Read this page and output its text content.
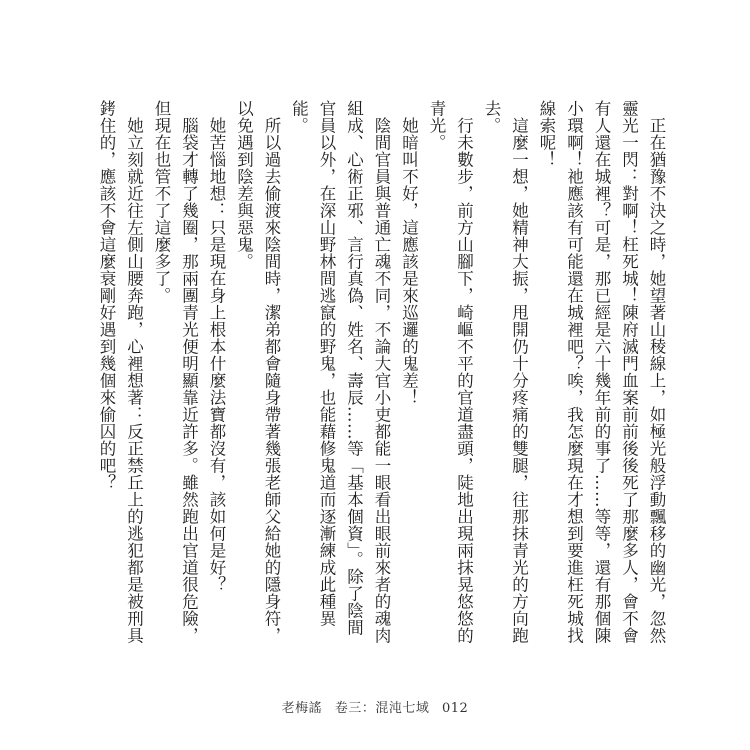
正在猶豫不決之時，她望著山稜線上，如極光般浮動飄移的幽光，忽然靈光一閃：對啊！枉死城！陳府滅門血案前前後後死了那麼多人，會不會有人還在城裡？可是，那已經是六十幾年前的事了……等等，還有那個陳小環啊！祂應該有可能還在城裡吧？唉，我怎麼現在才想到要進枉死城找線索呢！

這麼一想，她精神大振，甩開仍十分疼痛的雙腿，往那抹青光的方向跑去。

行未數步，前方山腳下，崎嶇不平的官道盡頭，陡地出現兩抹晃悠悠的青光。

她暗叫不好，這應該是來巡邏的鬼差！

陰間官員與普通亡魂不同，不論大官小吏都能一眼看出眼前來者的魂肉組成、心術正邪、言行真偽、姓名、壽辰……等「基本個資」。除了陰間官員以外，在深山野林間逃竄的野鬼，也能藉修鬼道而逐漸練成此種異能。

所以過去偷渡來陰間時，潔弟都會隨身帶著幾張老師父給她的隱身符，以免遇到陰差與惡鬼。

她苦惱地想：只是現在身上根本什麼法寶都沒有，該如何是好？

腦袋才轉了幾圈，那兩團青光便明顯靠近許多。雖然跑出官道很危險，但現在也管不了這麼多了。

她立刻就近往左側山腰奔跑，心裡想著：反正禁丘上的逃犯都是被刑具銬住的，應該不會這麼衰剛好遇到幾個來偷囚的吧？

老梅謠 卷三：混沌七域 012
